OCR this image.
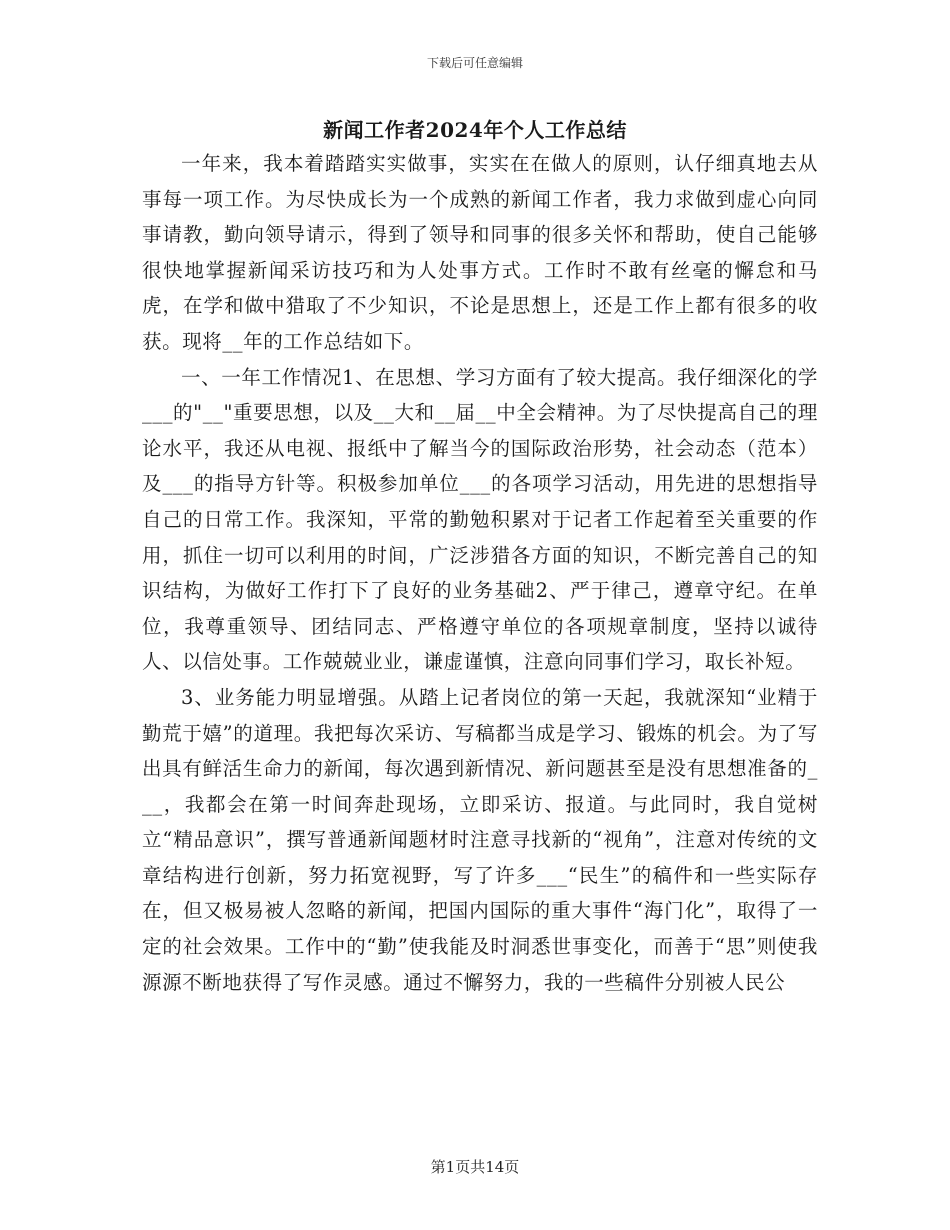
下载后可任意编辑
新闻工作者2024年个人工作总结

一年来，我本着踏踏实实做事，实实在在做人的原则，认仔细真地去从事每一项工作。为尽快成长为一个成熟的新闻工作者，我力求做到虚心向同事请教，勤向领导请示，得到了领导和同事的很多关怀和帮助，使自己能够很快地掌握新闻采访技巧和为人处事方式。工作时不敢有丝毫的懈怠和马虎，在学和做中猎取了不少知识，不论是思想上，还是工作上都有很多的收获。现将__年的工作总结如下。

一、一年工作情况1、在思想、学习方面有了较大提高。我仔细深化的学___的"__"重要思想，以及__大和__届__中全会精神。为了尽快提高自己的理论水平，我还从电视、报纸中了解当今的国际政治形势，社会动态（范本）及___的指导方针等。积极参加单位___的各项学习活动，用先进的思想指导自己的日常工作。我深知，平常的勤勉积累对于记者工作起着至关重要的作用，抓住一切可以利用的时间，广泛涉猎各方面的知识，不断完善自己的知识结构，为做好工作打下了良好的业务基础2、严于律己，遵章守纪。在单位，我尊重领导、团结同志、严格遵守单位的各项规章制度，坚持以诚待人、以信处事。工作兢兢业业，谦虚谨慎，注意向同事们学习，取长补短。

3、业务能力明显增强。从踏上记者岗位的第一天起，我就深知“业精于勤荒于嬉”的道理。我把每次采访、写稿都当成是学习、锻炼的机会。为了写出具有鲜活生命力的新闻，每次遇到新情况、新问题甚至是没有思想准备的___，我都会在第一时间奔赴现场，立即采访、报道。与此同时，我自觉树立“精品意识”，撰写普通新闻题材时注意寻找新的“视角”，注意对传统的文章结构进行创新，努力拓宽视野，写了许多___“民生”的稿件和一些实际存在，但又极易被人忽略的新闻，把国内国际的重大事件“海门化”，取得了一定的社会效果。工作中的“勤”使我能及时洞悉世事变化，而善于“思”则使我源源不断地获得了写作灵感。通过不懈努力，我的一些稿件分别被人民公

第1页共14页
